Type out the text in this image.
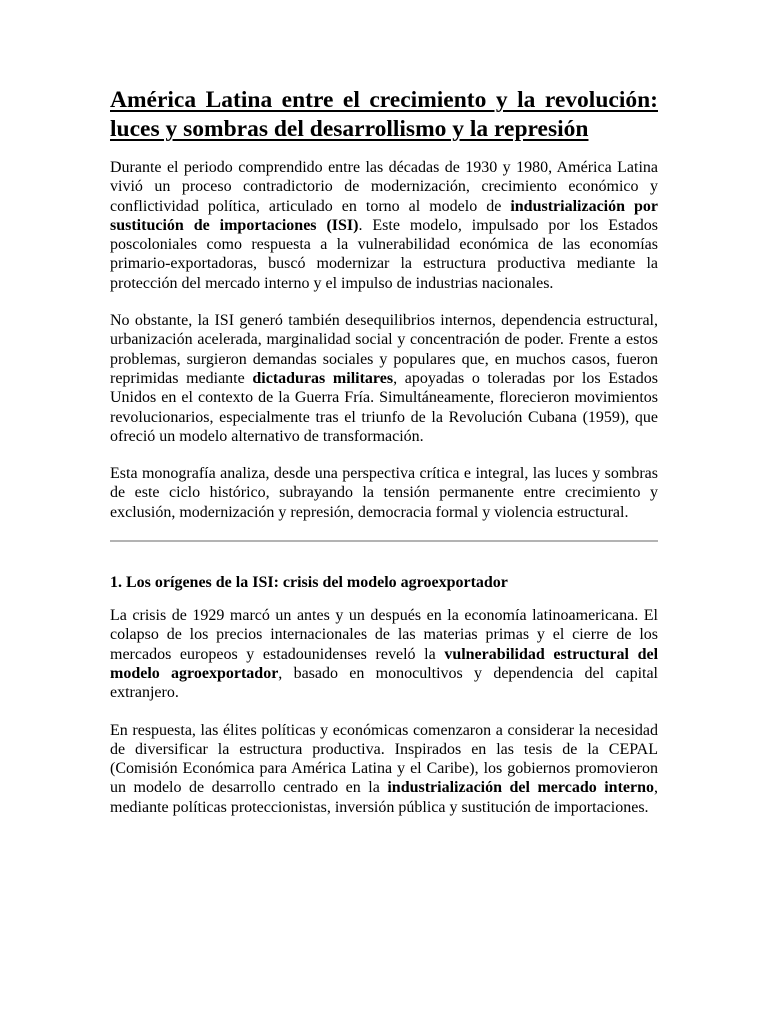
América Latina entre el crecimiento y la revolución: luces y sombras del desarrollismo y la represión

Durante el periodo comprendido entre las décadas de 1930 y 1980, América Latina vivió un proceso contradictorio de modernización, crecimiento económico y conflictividad política, articulado en torno al modelo de industrialización por sustitución de importaciones (ISI). Este modelo, impulsado por los Estados poscoloniales como respuesta a la vulnerabilidad económica de las economías primario-exportadoras, buscó modernizar la estructura productiva mediante la protección del mercado interno y el impulso de industrias nacionales.

No obstante, la ISI generó también desequilibrios internos, dependencia estructural, urbanización acelerada, marginalidad social y concentración de poder. Frente a estos problemas, surgieron demandas sociales y populares que, en muchos casos, fueron reprimidas mediante dictaduras militares, apoyadas o toleradas por los Estados Unidos en el contexto de la Guerra Fría. Simultáneamente, florecieron movimientos revolucionarios, especialmente tras el triunfo de la Revolución Cubana (1959), que ofreció un modelo alternativo de transformación.

Esta monografía analiza, desde una perspectiva crítica e integral, las luces y sombras de este ciclo histórico, subrayando la tensión permanente entre crecimiento y exclusión, modernización y represión, democracia formal y violencia estructural.

1. Los orígenes de la ISI: crisis del modelo agroexportador

La crisis de 1929 marcó un antes y un después en la economía latinoamericana. El colapso de los precios internacionales de las materias primas y el cierre de los mercados europeos y estadounidenses reveló la vulnerabilidad estructural del modelo agroexportador, basado en monocultivos y dependencia del capital extranjero.

En respuesta, las élites políticas y económicas comenzaron a considerar la necesidad de diversificar la estructura productiva. Inspirados en las tesis de la CEPAL (Comisión Económica para América Latina y el Caribe), los gobiernos promovieron un modelo de desarrollo centrado en la industrialización del mercado interno, mediante políticas proteccionistas, inversión pública y sustitución de importaciones.
